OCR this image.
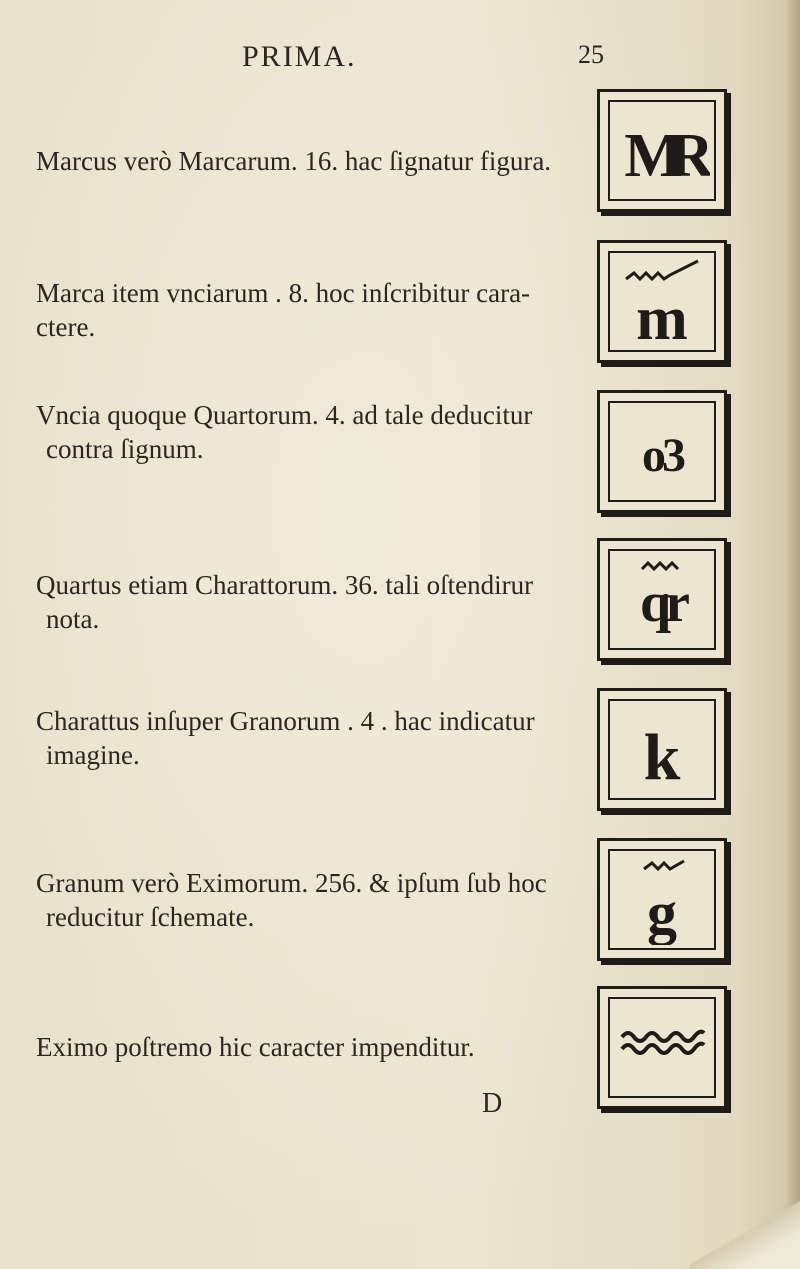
PRIMA.	25
Marcus verò Marcarum. 16. hac ſignatur figura.	MR
Marca item vnciarum . 8. hoc inſcribitur cara-
ctere.	m
Vncia quoque Quartorum. 4. ad tale deducitur
contra ſignum.	o3
Quartus etiam Charattorum. 36. tali oſtendirur
nota.	qr
Charattus inſuper Granorum . 4 . hac indicatur
imagine.	k
Granum verò Eximorum. 256. & ipſum ſub hoc
reducitur ſchemate.	g
Eximo poſtremo hic caracter impenditur.
D
